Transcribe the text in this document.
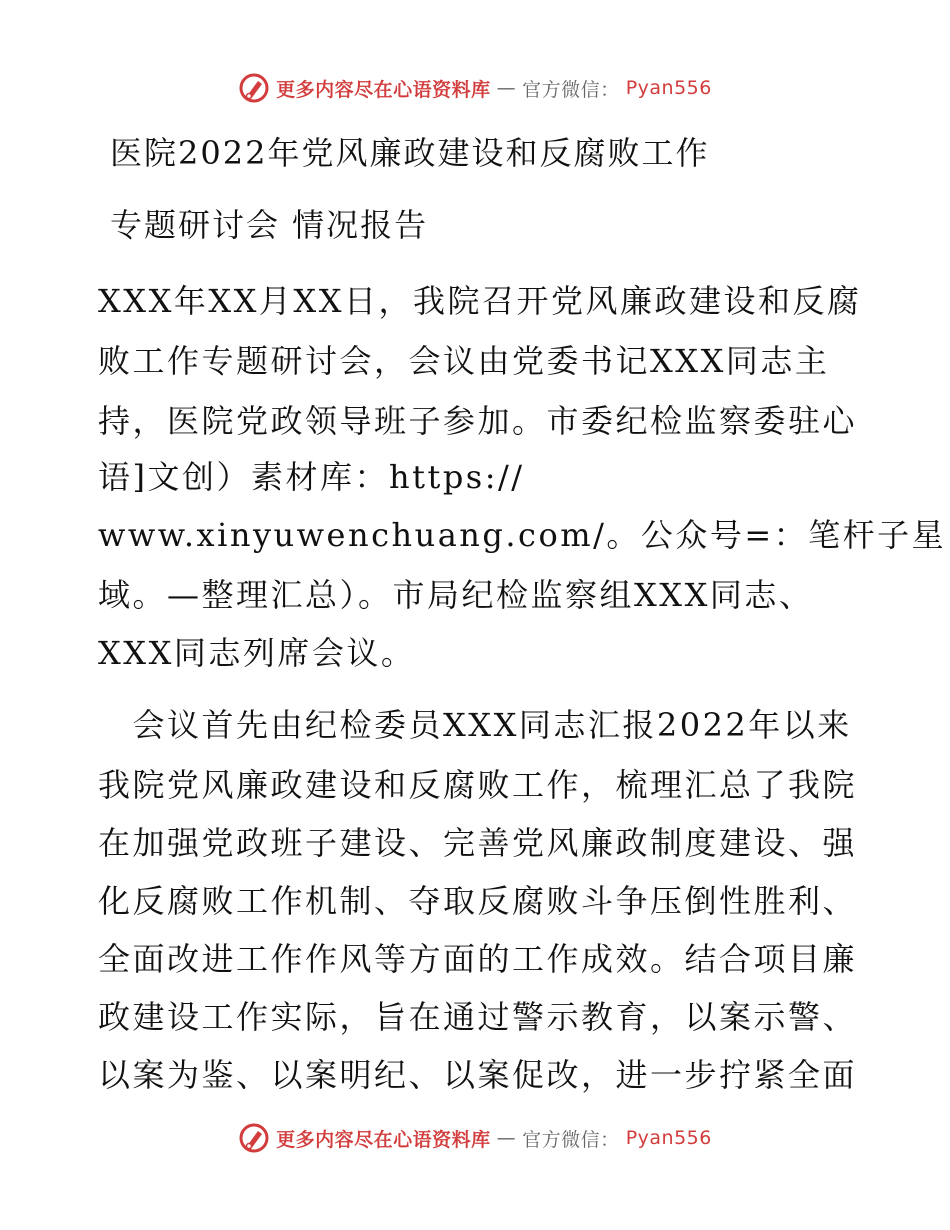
更多内容尽在心语资料库 — 官方微信： Pyan556
医院2022年党风廉政建设和反腐败工作
专题研讨会 情况报告
XXX年XX月XX日，我院召开党风廉政建设和反腐
败工作专题研讨会，会议由党委书记XXX同志主
持，医院党政领导班子参加。市委纪检监察委驻心
语]文创）素材库：https://
www.xinyuwenchuang.com/。公众号=：笔杆子星
域。—整理汇总）。市局纪检监察组XXX同志、
XXX同志列席会议。
　会议首先由纪检委员XXX同志汇报2022年以来
我院党风廉政建设和反腐败工作，梳理汇总了我院
在加强党政班子建设、完善党风廉政制度建设、强
化反腐败工作机制、夺取反腐败斗争压倒性胜利、
全面改进工作作风等方面的工作成效。结合项目廉
政建设工作实际，旨在通过警示教育，以案示警、
以案为鉴、以案明纪、以案促改，进一步拧紧全面
更多内容尽在心语资料库 — 官方微信： Pyan556
